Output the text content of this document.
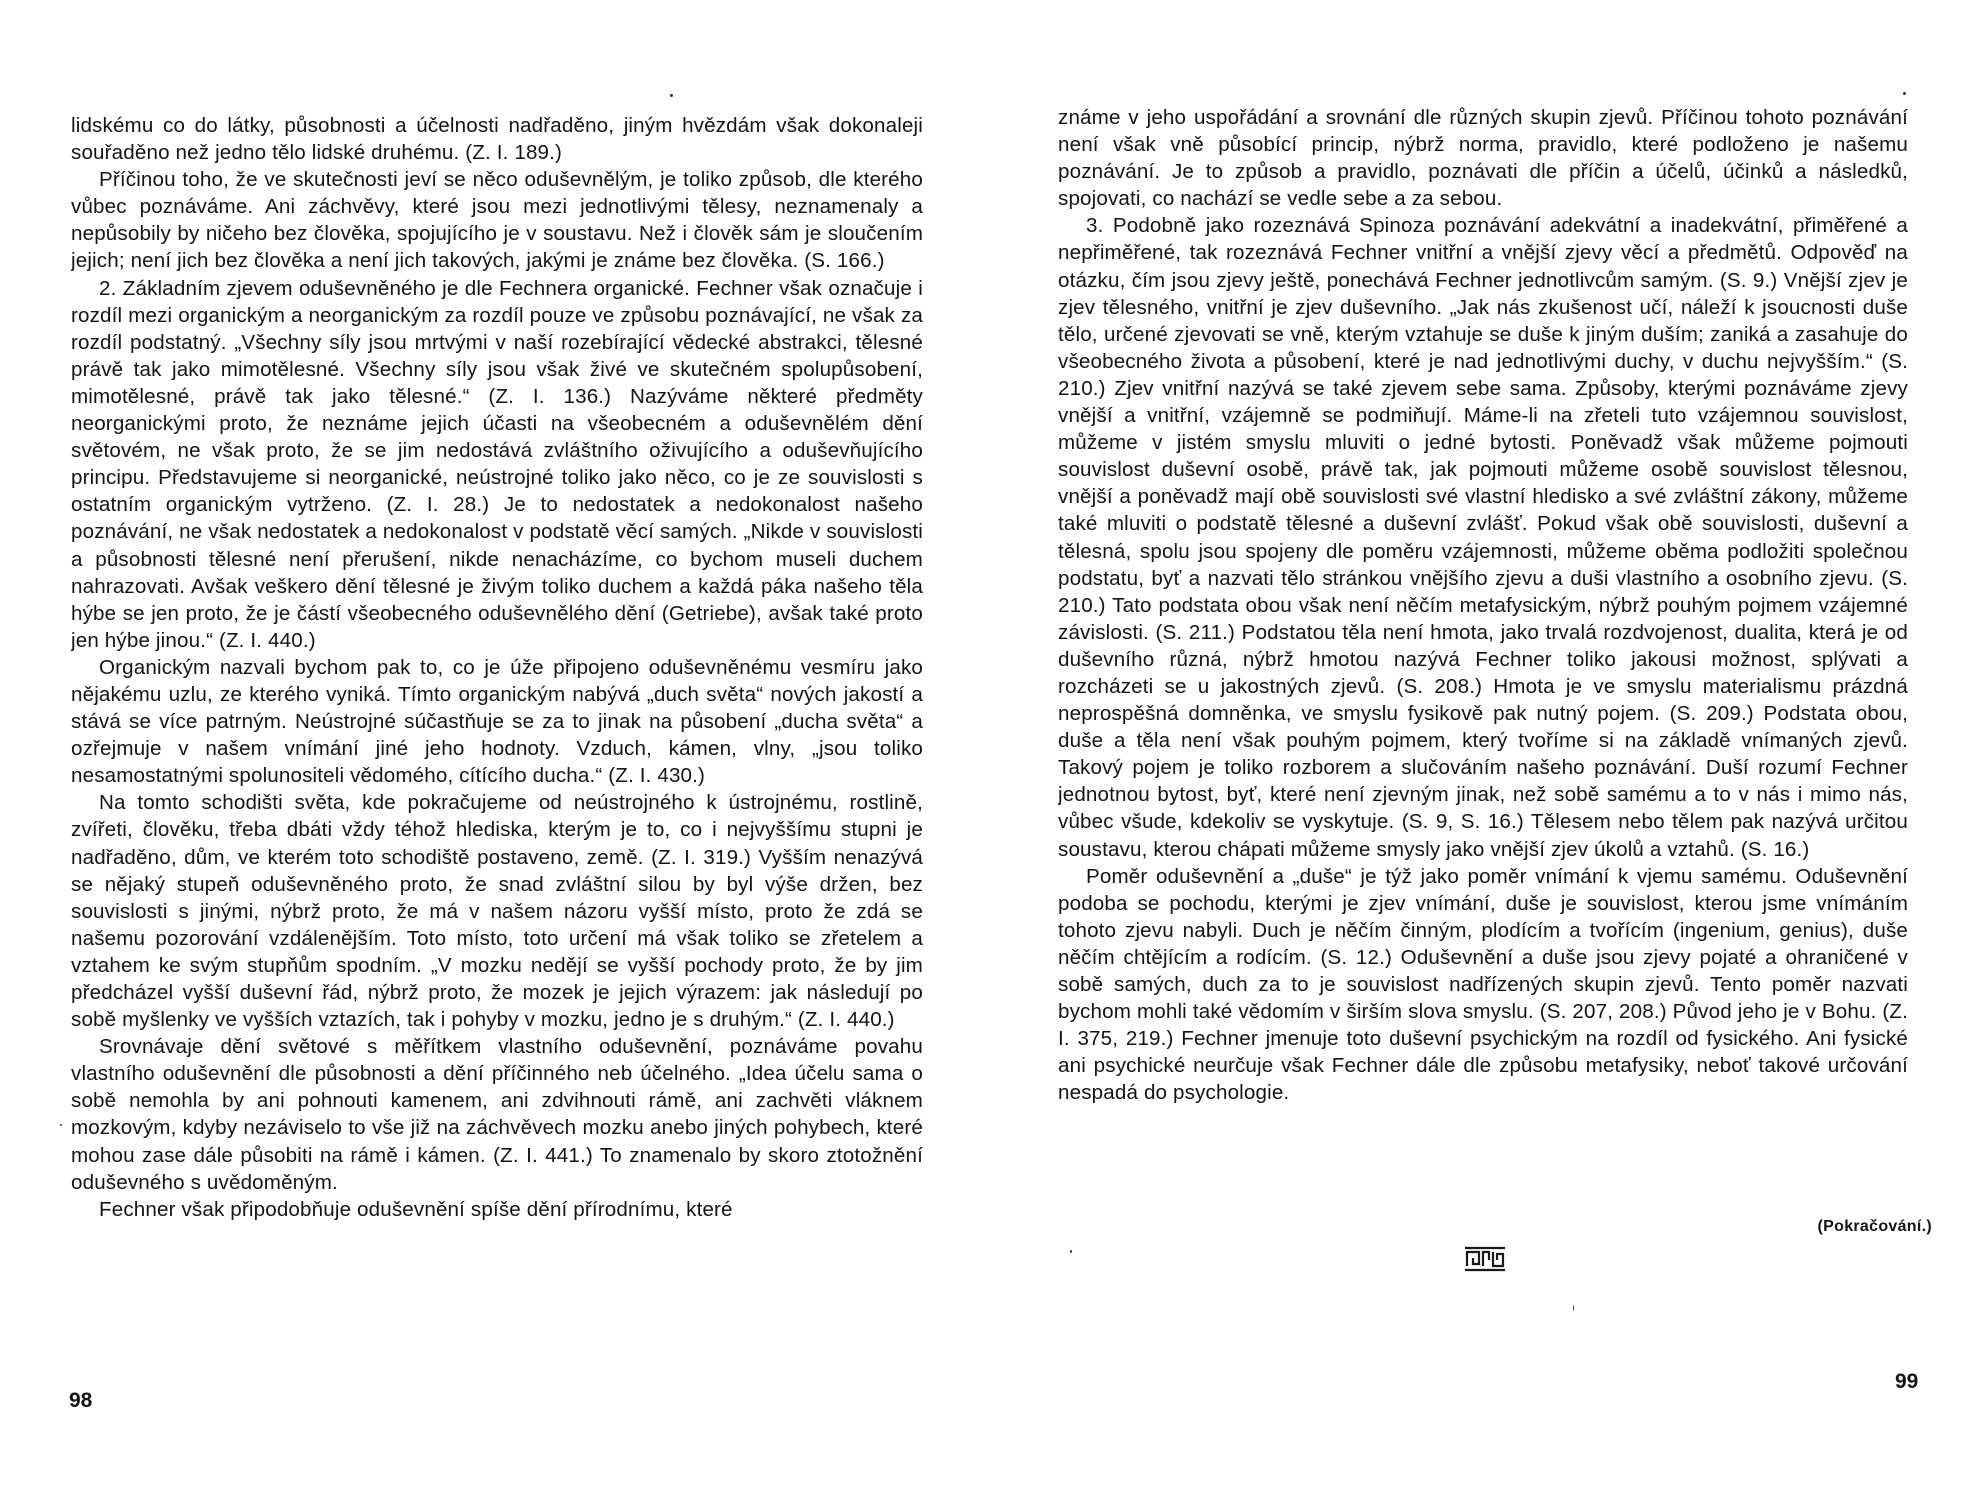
lidskému co do látky, působnosti a účelnosti nadřaděno, jiným hvězdám však dokonaleji souřaděno než jedno tělo lidské druhému. (Z. I. 189.)

Příčinou toho, že ve skutečnosti jeví se něco oduševnělým, je toliko způsob, dle kterého vůbec poznáváme. Ani záchvěvy, které jsou mezi jednotlivými tělesy, neznamenaly a nepůsobily by ničeho bez člověka, spojujícího je v soustavu. Než i člověk sám je sloučením jejich; není jich bez člověka a není jich takových, jakými je známe bez člověka. (S. 166.)

2. Základním zjevem oduševněného je dle Fechnera organické. Fechner však označuje i rozdíl mezi organickým a neorganickým za rozdíl pouze ve způsobu poznávající, ne však za rozdíl podstatný. „Všechny síly jsou mrtvými v naší rozebírající vědecké abstrakci, tělesné právě tak jako mimotělesné. Všechny síly jsou však živé ve skutečném spolupůsobení, mimotělesné, právě tak jako tělesné.“ (Z. I. 136.) Nazýváme některé předměty neorganickými proto, že neznáme jejich účasti na všeobecném a oduševnělém dění světovém, ne však proto, že se jim nedostává zvláštního oživujícího a oduševňujícího principu. Představujeme si neorganické, neústrojné toliko jako něco, co je ze souvislosti s ostatním organickým vytrženo. (Z. I. 28.) Je to nedostatek a nedokonalost našeho poznávání, ne však nedostatek a nedokonalost v podstatě věcí samých. „Nikde v souvislosti a působnosti tělesné není přerušení, nikde nenacházíme, co bychom museli duchem nahrazovati. Avšak veškero dění tělesné je živým toliko duchem a každá páka našeho těla hýbe se jen proto, že je částí všeobecného oduševnělého dění (Getriebe), avšak také proto jen hýbe jinou.“ (Z. I. 440.)

Organickým nazvali bychom pak to, co je úže připojeno oduševněnému vesmíru jako nějakému uzlu, ze kterého vyniká. Tímto organickým nabývá „duch světa“ nových jakostí a stává se více patrným. Neústrojné súčastňuje se za to jinak na působení „ducha světa“ a ozřejmuje v našem vnímání jiné jeho hodnoty. Vzduch, kámen, vlny, „jsou toliko nesamostatnými spolunositeli vědomého, cítícího ducha.“ (Z. I. 430.)

Na tomto schodišti světa, kde pokračujeme od neústrojného k ústrojnému, rostlině, zvířeti, člověku, třeba dbáti vždy téhož hlediska, kterým je to, co i nejvyššímu stupni je nadřaděno, dům, ve kterém toto schodiště postaveno, země. (Z. I. 319.) Vyšším nenazývá se nějaký stupeň oduševněného proto, že snad zvláštní silou by byl výše držen, bez souvislosti s jinými, nýbrž proto, že má v našem názoru vyšší místo, proto že zdá se našemu pozorování vzdálenějším. Toto místo, toto určení má však toliko se zřetelem a vztahem ke svým stupňům spodním. „V mozku nedějí se vyšší pochody proto, že by jim předcházel vyšší duševní řád, nýbrž proto, že mozek je jejich výrazem: jak následují po sobě myšlenky ve vyšších vztazích, tak i pohyby v mozku, jedno je s druhým.“ (Z. I. 440.)

Srovnávaje dění světové s měřítkem vlastního oduševnění, poznáváme povahu vlastního oduševnění dle působnosti a dění příčinného neb účelného. „Idea účelu sama o sobě nemohla by ani pohnouti kamenem, ani zdvihnouti rámě, ani zachvěti vláknem mozkovým, kdyby nezáviselo to vše již na záchvěvech mozku anebo jiných pohybech, které mohou zase dále působiti na rámě i kámen. (Z. I. 441.) To znamenalo by skoro ztotožnění oduševného s uvědoměným.

Fechner však připodobňuje oduševnění spíše dění přírodnímu, které

98

známe v jeho uspořádání a srovnání dle různých skupin zjevů. Příčinou tohoto poznávání není však vně působící princip, nýbrž norma, pravidlo, které podloženo je našemu poznávání. Je to způsob a pravidlo, poznávati dle příčin a účelů, účinků a následků, spojovati, co nachází se vedle sebe a za sebou.

3. Podobně jako rozeznává Spinoza poznávání adekvátní a inadekvátní, přiměřené a nepřiměřené, tak rozeznává Fechner vnitřní a vnější zjevy věcí a předmětů. Odpověď na otázku, čím jsou zjevy ještě, ponechává Fechner jednotlivcům samým. (S. 9.) Vnější zjev je zjev tělesného, vnitřní je zjev duševního. „Jak nás zkušenost učí, náleží k jsoucnosti duše tělo, určené zjevovati se vně, kterým vztahuje se duše k jiným duším; zaniká a zasahuje do všeobecného života a působení, které je nad jednotlivými duchy, v duchu nejvyšším.“ (S. 210.) Zjev vnitřní nazývá se také zjevem sebe sama. Způsoby, kterými poznáváme zjevy vnější a vnitřní, vzájemně se podmiňují. Máme-li na zřeteli tuto vzájemnou souvislost, můžeme v jistém smyslu mluviti o jedné bytosti. Poněvadž však můžeme pojmouti souvislost duševní osobě, právě tak, jak pojmouti můžeme osobě souvislost tělesnou, vnější a poněvadž mají obě souvislosti své vlastní hledisko a své zvláštní zákony, můžeme také mluviti o podstatě tělesné a duševní zvlášť. Pokud však obě souvislosti, duševní a tělesná, spolu jsou spojeny dle poměru vzájemnosti, můžeme oběma podložiti společnou podstatu, byť a nazvati tělo stránkou vnějšího zjevu a duši vlastního a osobního zjevu. (S. 210.) Tato podstata obou však není něčím metafysickým, nýbrž pouhým pojmem vzájemné závislosti. (S. 211.) Podstatou těla není hmota, jako trvalá rozdvojenost, dualita, která je od duševního různá, nýbrž hmotou nazývá Fechner toliko jakousi možnost, splývati a rozcházeti se u jakostných zjevů. (S. 208.) Hmota je ve smyslu materialismu prázdná neprospěšná domněnka, ve smyslu fysikově pak nutný pojem. (S. 209.) Podstata obou, duše a těla není však pouhým pojmem, který tvoříme si na základě vnímaných zjevů. Takový pojem je toliko rozborem a slučováním našeho poznávání. Duší rozumí Fechner jednotnou bytost, byť, které není zjevným jinak, než sobě samému a to v nás i mimo nás, vůbec všude, kdekoliv se vyskytuje. (S. 9, S. 16.) Tělesem nebo tělem pak nazývá určitou soustavu, kterou chápati můžeme smysly jako vnější zjev úkolů a vztahů. (S. 16.)

Poměr oduševnění a „duše“ je týž jako poměr vnímání k vjemu samému. Oduševnění podoba se pochodu, kterými je zjev vnímání, duše je souvislost, kterou jsme vnímáním tohoto zjevu nabyli. Duch je něčím činným, plodícím a tvořícím (ingenium, genius), duše něčím chtějícím a rodícím. (S. 12.) Oduševnění a duše jsou zjevy pojaté a ohraničené v sobě samých, duch za to je souvislost nadřízených skupin zjevů. Tento poměr nazvati bychom mohli také vědomím v širším slova smyslu. (S. 207, 208.) Původ jeho je v Bohu. (Z. I. 375, 219.) Fechner jmenuje toto duševní psychickým na rozdíl od fysického. Ani fysické ani psychické neurčuje však Fechner dále dle způsobu metafysiky, neboť takové určování nespadá do psychologie.

(Pokračování.)
99
